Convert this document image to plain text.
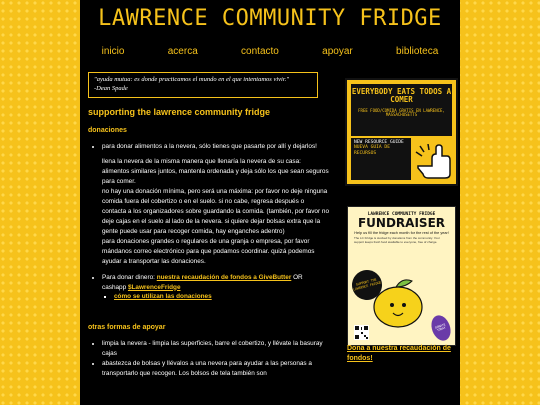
LAWRENCE COMMUNITY FRIDGE
inicio	acerca	contacto	apoyar	biblioteca
"ayuda mutua: es donde practicamos el mundo en el que intentamos vivir."
-Dean Spade
supporting the lawrence community fridge
donaciones
• para donar alimentos a la nevera, sólo tienes que pasarte por allí y dejarlos!
llena la nevera de la misma manera que llenaría la nevera de su casa: alimentos similares juntos, mantenla ordenada y deja sólo los que sean seguros para comer.
no hay una donación mínima, pero será una máxima: por favor no deje ninguna comida fuera del cobertizo o en el suelo. si no cabe, regresa después o contacta a los organizadores sobre guardando la comida. (también, por favor no deje cajas en el suelo al lado de la nevera. si quiere dejar bolsas extra que la gente puede usar para recoger comida, hay enganches adentro)
para donaciones grandes o regulares de una granja o empresa, por favor mándanos correo electrónico para que podamos coordinar. quizá podemos ayudar a transportar las donaciones.
• Para donar dinero: nuestra recaudación de fondos a GiveButter OR
cashapp $LawrenceFridge
▪ cómo se utilizan las donaciones
otras formas de apoyar
• limpia la nevera - limpia las superficies, barre el cobertizo, y llévate la basuray cajas
• abastezca de bolsas y llévalos a una nevera para ayudar a las personas a transportarlo que recogen. Los bolsos de tela también son
EVERYBODY EATS TODOS A COMER
FREE FOOD/COMIDA GRATIS EN LAWRENCE, MASSACHUSETTS
NEW RESOURCE GUIDE
NUEVA GUIA DE RECURSOS
LAWRENCE COMMUNITY FRIDGE
FUNDRAISER
Help us fill the fridge each month for the rest of the year!
The LC Fridge is stocked by donations from the community. Your support keeps fresh food available to everyone, free of charge.
SUPPORT THE LAWRENCE FRIDGE
DONATE TODAY
Dona a nuestra recaudación de fondos!
